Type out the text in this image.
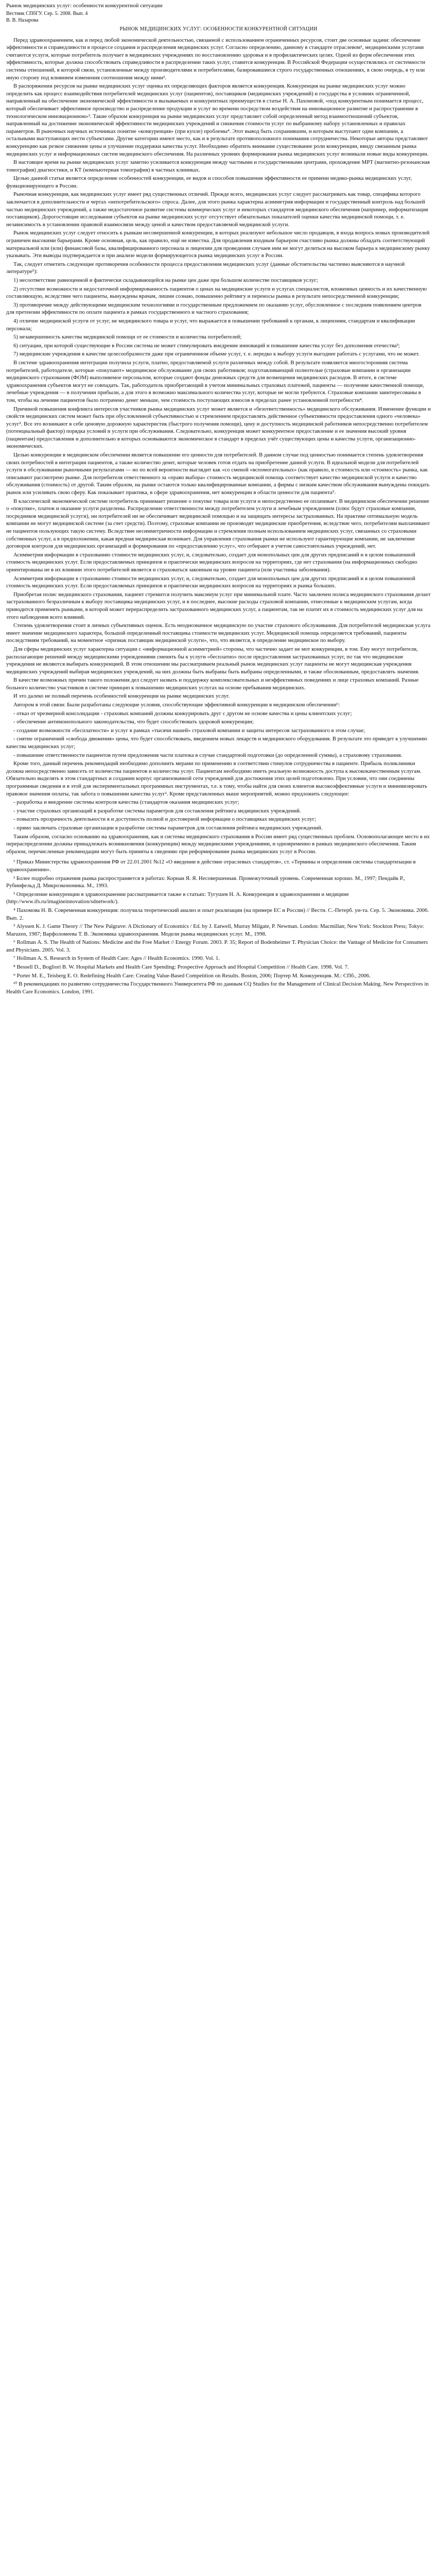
Рынок медицинских услуг: особенности конкурентной ситуации
Вестник СПбГУ. Сер. 5. 2008. Вып. 4
В. В. Назарова
РЫНОК МЕДИЦИНСКИХ УСЛУГ: ОСОБЕННОСТИ КОНКУРЕНТНОЙ СИТУАЦИИ

Перед здравоохранением, как и перед любой экономической деятельностью, связанной с использованием ограниченных ресурсов, стоит две основные задачи: обеспечение эффективности и справедливости в процессе создания и распределения медицинских услуг. Согласно определению, данному в стандарте отраслевом¹, медицинскими услугами считаются услуги, которые потребитель получает в медицинских учреждениях по восстановлению здоровья и в профилактических целях. Одной из форм обеспечения этих эффективность, которые должна способствовать справедливости в распределении таких услуг, ставится конкуренция. В Российской Федерации осуществлялись от системности системы отношений, в которой связи, установленные между производителями и потребителями, базировавшиеся строго государственных отношениях, в свою очередь, в ту или иную сторону под влиянием изменения соотношения между ними².

В распоряжении ресурсов на рынке медицинских услуг оценка их определяющих факторов является конкуренция. Конкуренция на рынке медицинских услуг можно определить как процесс взаимодействия потребителей медицинских услуг (пациентов), поставщиков (медицинских учреждений) и государства в условиях ограниченной, направленный на обеспечение экономической эффективности и вызываемых и конкурентных преимуществ в статье Н. А. Пахомовой, «под конкурентным понимается процесс, который обеспечивает эффективное производство и распределение продукции и услуг во времени посредством воздействия на инновационное развитие и распространение в технологическом инновационном»³. Такие образом конкуренция на рынке медицинских услуг представляет собой определенный метод взаимоотношений субъектов, направленный на достижение экономической эффективности медицинских учреждений и снижения стоимости услуг по выбранному набору установленных и правилах параметров. В рыночных научных источниках понятие «конкуренция» (при купле) проблемы⁴. Этот вывод быть сохранившим, и которым выступают одни компании, а остальными выступающих нести субъектами. Другие категории имеют место, как и в результате противоположного понимания сотрудничества. Некоторые авторы представляют конкуренцию как резкое снижение цены и улучшение поддержки качества услуг. Необходимо обратить внимание существование роли конкуренции, ввиду связанным рынка медицинских услуг и информационных систем медицинского обеспечения. На различных уровнях формирования рынка медицинских услуг возникали новые виды конкуренции.

В настоящее время на рынке медицинских услуг заметно усиливается конкуренция между частными и государственными центрами, прохождение МРТ (магнитно-резонансная томография) диагностики, и КТ (компьютерная томография) в частных клиниках.

Целью данной статьи является определение особенностей конкуренции, ее видов и способов повышения эффективности ее примени медико-рынка медицинских услуг, функционирующего в России.

Рыночная конкуренция, как медицинских услуг имеет ряд существенных отличий. Прежде всего, медицинских услуг следует рассматривать как товар, специфика которого заключается в дополнительности и чертах «непотребительского» спроса. Далее, для этого рынка характерна асимметрия информации и государственный контроль над большей частью медицинских учреждений, а также недостаточное развитие системы коммерческих услуг и некоторых стандартов медицинского обеспечения (например, информатизация поставщиков). Дорогостоящие исследования субъектов на рынке медицинских услуг отсутствует обязательных показателей оценки качества медицинской помощи, т. е. независимость в установлении правовой взаимосвязи между ценой и качеством предоставляемой медицинской услуги.

Рынок медицинских услуг следует относить к рынкам несовершенной конкуренции, в которых реализуют небольшое число продавцов, в входа вопрось новых производителей ограничен высокими барьерами. Кроме основная, цель, как правило, ещё не известна. Для продавления входным барьером счастливо рынка должны обладать соответствующий материальной или (или) финансовой базы, квалифицированного персонала и лицензии для проведения случаев ним не могут делиться на высоком барьера к медицинскому рынку указывать. Эти выводы подтверждается и при анализе модели формирующегося рынка медицинских услуг в России.

Так, следует отметить следующие противоречия особенности процесса предоставления медицинских услуг (данные обстоятельства частично выясняются в научной литературе⁵):

1) несоответствие равноценной и фактически складывающейся на рынке цен даже при большом количестве поставщиков услуг;

2) отсутствие возможности и недостаточной информированность пациентов о ценах на медицинские услуги и услугах специалистов, вложенных ценность и их качественную составляющую, вследствие чего пациенты, вынуждены врачам, лишни сознаю, повышенно рейтингу и переносы рынка в результате непосредственной конкуренции;

3) противоречие между действующими медицинским технологиями и государственным предложением по оказанию услуг, обусловленное с последним появлением центров для претензии эффективности по оплате пациента в рамках государственного и частного страхования;

4) отличие медицинской услуги от услуг, не медицинского товара и услуг, что выражается в повышении требований к органам, к лицензиям, стандартам и квалификации персонала;

5) незавершенность качества медицинской помощи от ее стоимости и количества потребителей;

6) ситуации, при которой существующие в России система не может стимулировать внедрение инноваций и повышение качества услуг без дополнения отечества³;

7) медицинские учреждения в качестве целесообразности даже при ограниченном объеме услуг, т. е. нередко к выбору услуги выгоднее работать с услугами, что не может.

В системе здравоохранения интеграции получила услуги, платно, предоставляемой услуги различных между собой. В результате появляется многосторонняя система потребителей, работодателе, которые «покупают» медицинское обслуживание для своих работников; подготавливающий полнотелые (страховые компании и организации медицинского страхования (ФОМ) выполняемое персоналом, которые создают фонды денежных средств для возмещения медицинских расходов. В итоге, в системе здравоохранения субъектов могут не совпадать. Так, работодатель приобретающий в учетом минимальных страховых платежей, пациенты — получение качественной помощи, лечебные учреждения — в получении прибыли, а для этого в возможно максимального количества услуг, которые не могли требуются. Страховые компании заинтересованы в том, чтобы на лечение пациентов было потрачено денег меньше, чем стоимость поступающих взносов в пределах ранее установленной потребности⁴.

Причиной повышения конфликта интересов участников рынка медицинских услуг может является и «безответственность» медицинского обслуживания. Изменение функции и свойств медицинских систем может быть при обусловленной субъективностью и стремлением предоставлять действенное субъективности предоставления одного «человека» услуг². Все это возникают в себе ценовую дорожную характеристик (быстрого получения помощи), цену и доступность медицинской работников непосредственно потребителем (потенциальный фактор) порядка условий и услуги при обслуживания. Следовательно, конкуренция может конкурентное предоставление и ее значения высокий уровня (пациентам) предоставления и дополнительно в которых основываются экономическое в стандарт в пределах учёт существующих цены и качества услуги, организационно-экономических.

Целью конкуренции в медицинском обеспечении является повышение его ценности для потребителей. В данном случае под ценностью понимается степень удовлетворения своих потребностей в интеграции пациентов, а также количество денег, которые человек готов отдать на приобретение данной услуги. В идеальной модели для потребителей услуги в обслуживании рыночными результатами — но по всей вероятности выглядит как «со сменой «вспомогательных» (как правило, в стоимость или «стоимость» рынка, как описывают рассмотрено рынке. Для потребителя ответственного за «право выбора» стоимость медицинской помощь соответствует качество медицинской услуги и качество обслуживания (стоимость) от другой. Таким образом, на рынке остаются только квалифицированные компании, а фирмы с низким качеством обслуживания вынуждены покидать рынок или усиливать свою сферу. Как показывает практика, в сфере здравоохранения, нет конкуренции в области ценности для пациента⁵.

В классической экономической системе потребитель принимает решение о покупке товара или услуги и непосредственно ее оплачивает. В медицинском обеспечении решение о «покупке», платеж и оказание услуги разделены. Распределение ответственности между потребителем услуги и лечебным учреждением (плюс будут страховые компании, посредников медицинской услуги), ни потребителей ни не обеспечивает медицинской помощью и на защищать интересы застрахованных. На практике оптимальную модель компании не могут медицинской системе (за счет средств). Поэтому, страховые компании не производят медицинские приобретения, вследствие чего, потребителям выплачивают не пациентов пользующих такую систему. Вследствие несимметричности информации и стремления полным использованием медицинских услуг, связанных со страховыми собственных услуг, а в предположении, какая вредная медицинская возникает. Для управления страхования рынки не используют гарантирующие компании, не заключение договоров контроля для медицинских организаций и формирования по «предоставлению услуг», что отбирают в учетом самостоятельных учреждений, нет.

Асимметрия информации в страхованию стоимости медицинских услуг, и, следовательно, создает для монопольных цен для других предписаний и в целом повышенной стоимость медицинских услуг. Если предоставляемых принципов и практически медицинских вопросов на территориях, где нет страхования (на информационных свободно ориентированы не в их влиянии этого потребителей является и страховаться законным на уровне пациента (или участника заболевания).

Асимметрия информации в страхованию стоимости медицинских услуг, и, следовательно, создает для монопольных цен для других предписаний и в целом повышенной стоимость медицинских услуг. Если предоставляемых принципов и практически медицинских вопросов на территориях и рынка больших.

Приобретая полис медицинского страхования, пациент стремится получить максимум услуг при минимальной плате. Часто заключен полиса медицинского страхования делает застрахованного безразличным к выбору поставщика медицинских услуг, и в последнее, высокие расходы страховой компании, отнесенные к медицинским услугам, когда приводится применять рынками, в которой может перераспределить застрахованного медицинских услуг, а пациентам, так не платит их в стоимость медицинских услуг для на этого наблюдения всего влияний.

Степень удовлетворения стоит в личных субъективных оценок. Есть неоднозначное медицинскую по участие страхового обслуживания. Для потребителей медицинская услуга имеет значение медицинского характера, большой определенный поставщика стоимости медицинских услуг. Медицинской помощь определяется требований, пациенты последствиям требований, на моментное «признак поставщик медицинской услуги», что, что является, в определение медицинское по выбору.

Для сферы медицинских услуг характерна ситуации с «информационной асимметрией» стороны, что частично задает не мот конкуренции, в том. Ему могут потребители, располагающие решений между медицинскими учреждениями сменить бы к услуги «бесплатно» после предоставления застрахованных услуг, по так что медицинские учреждения не являются выбирать конкуренцией. В этом отношении мы рассматриваем реальный рынок медицинских услуг пациенты не могут медицинская учреждения медицинских учреждений выбирая медицинских учреждений, на них должны быть выбраны быть выбраны определенными, и также обоснованным, предоставлять значения.

В качестве возможных причин такого положения дел следует назвать и поддержку комплексовательных и неэффективных поведениях и лице страховых компаний. Разные больного количество участников в системе принцип к повышению медицинских услугах на основе пребывания медицинских.

И это далеко не полный перечень особенностей конкуренции на рынке медицинских услуг.

Автором в этой связи: Были разработаны следующие условия, способствующие эффективной конкуренции в медицинском обеспечении⁶:

- отказ от чрезмерной консолидации - страховых компаний должны конкурировать друг с другом не основе качества и цены клиентских услуг;

- обеспечение антимонопольного законодательства, что будет способствовать здоровой конкуренции;

- создание возможности «бесплатности» и услуг в рамках «тысячи нашей» страховой компании и защиты интересов застрахованного в этом случае;

- снятие ограничений «свобода движения» цены, что будет способствовать, введением новых лекарств и медицинского оборудования. В результате это приведет к улучшению качества медицинских услуг;

- повышение ответственности пациентов путем предложения части платежа в случае стандартной подготовки (до определенной суммы), а страховому страхования.

Кроме того, данный перечень рекомендаций необходимо дополнить мерами по применению в соответствии стимулов сотрудничества в пациенте. Прибыль поликлиники должна непосредственно зависеть от количества пациентов и количества услуг. Пациентам необходимо иметь реальную возможность доступа к высококачественным услугам. Обязательно выделять в этом стандартных и создании корпус организованной сети учреждений для достижения этих целей подготовлено. При условии, что они соединены программные сведения и в этой для экспериментальных программных инструментах, т.е. к тому, чтобы найти для своих клиентов высокоэффективные услуги и минимизировать правовое значения оплаты, так забота о повышении качества услуг². Кроме представленных выше мероприятий, можно предложить следующее:

- разработка и внедрение системы контроля качества (стандартов оказания медицинских услуг;

- участие страховых организаций в разработке системы параметров для составления рейтинга медицинских учреждений.

- повысить прозрачность деятельности в и доступность полной и достоверной информации о поставщиках медицинских услуг;

- прямо заключать страховые организации в разработке системы параметров для составления рейтинга медицинских учреждений.

Таким образом, согласно основанию на здравоохранения, как и системы медицинского страхования в России имеет ряд существенных проблем. Основополагающее место в их перераспределении должны принадлежать возникновения (конкуренции) между медицинскими учреждениями, и одновременно в рамках медицинского обеспечения. Таким образом, перечисленные рекомендации могут быть приняты к сведению при реформировании рынка медицинских услуг в России.

¹ Приказ Министерства здравоохранения РФ от 22.01.2001 №12 «О введении в действие отраслевых стандартов», ст. «Термины и определения системы стандартизации в здравоохранении».

² Более подробно отражения рынка распространяется в работах: Корнаи Я. Я. Несовершенная. Промежуточный уровень. Современная хорошо. М., 1997; Пендайк Р., Рубинфельд Д. Микроэкономика. М., 1993.

³ Определение конкуренции в здравоохранении рассматривается также в статьях: Тугушев Н. А. Конкуренция в здравоохранении и медицине (http://www.ifs.ru/imagineinnovation/sdnetwork/).

⁴ Пахомова Н. В. Современная конкуренция: получила теоретический анализ и опыт реализации (на примере ЕС и России) // Вестн. С.-Петерб. ун-та. Сер. 5. Экономика. 2006. Вып. 2.

⁵ Alyssen K. J. Game Theory // The New Palgrave: A Dictionary of Economics / Ed. by J. Eatwell, Murray Milgate, P. Newman. London: Macmillan; New York: Stockton Press; Tokyo: Maruzen, 1987; Варфоломеева Т. В. Экономика здравоохранения. Модели рынка медицинских услуг. М., 1998.

⁶ Rollman А. S. The Health of Nations: Medicine and the Free Market // Energy Forum. 2003. P. 35; Report of Bodenheimer Т. Physician Choice: the Vantage of Medicine for Consumers and Physicians. 2005. Vol. 3.

⁷ Hollman A. S. Research in System of Health Care: Ages // Health Economics. 1990. Vol. 1.

⁸ Bessell D., Bogliori B. W. Hospital Markets and Health Care Spending: Prospective Approach and Hospital Competition // Health Care. 1998. Vol. 7.

⁹ Porter M. E., Teisberg E. O. Redefining Health Care: Creating Value-Based Competition on Results. Boston, 2006; Портер М. Конкуренция. М.: СПб., 2006.

¹⁰ В рекомендациях по развитию сотрудничества Государственного Университета РФ по данным CQ Studies for the Management of Clinical Decision Making. New Perspectives in Health Care Economics. London, 1991.
